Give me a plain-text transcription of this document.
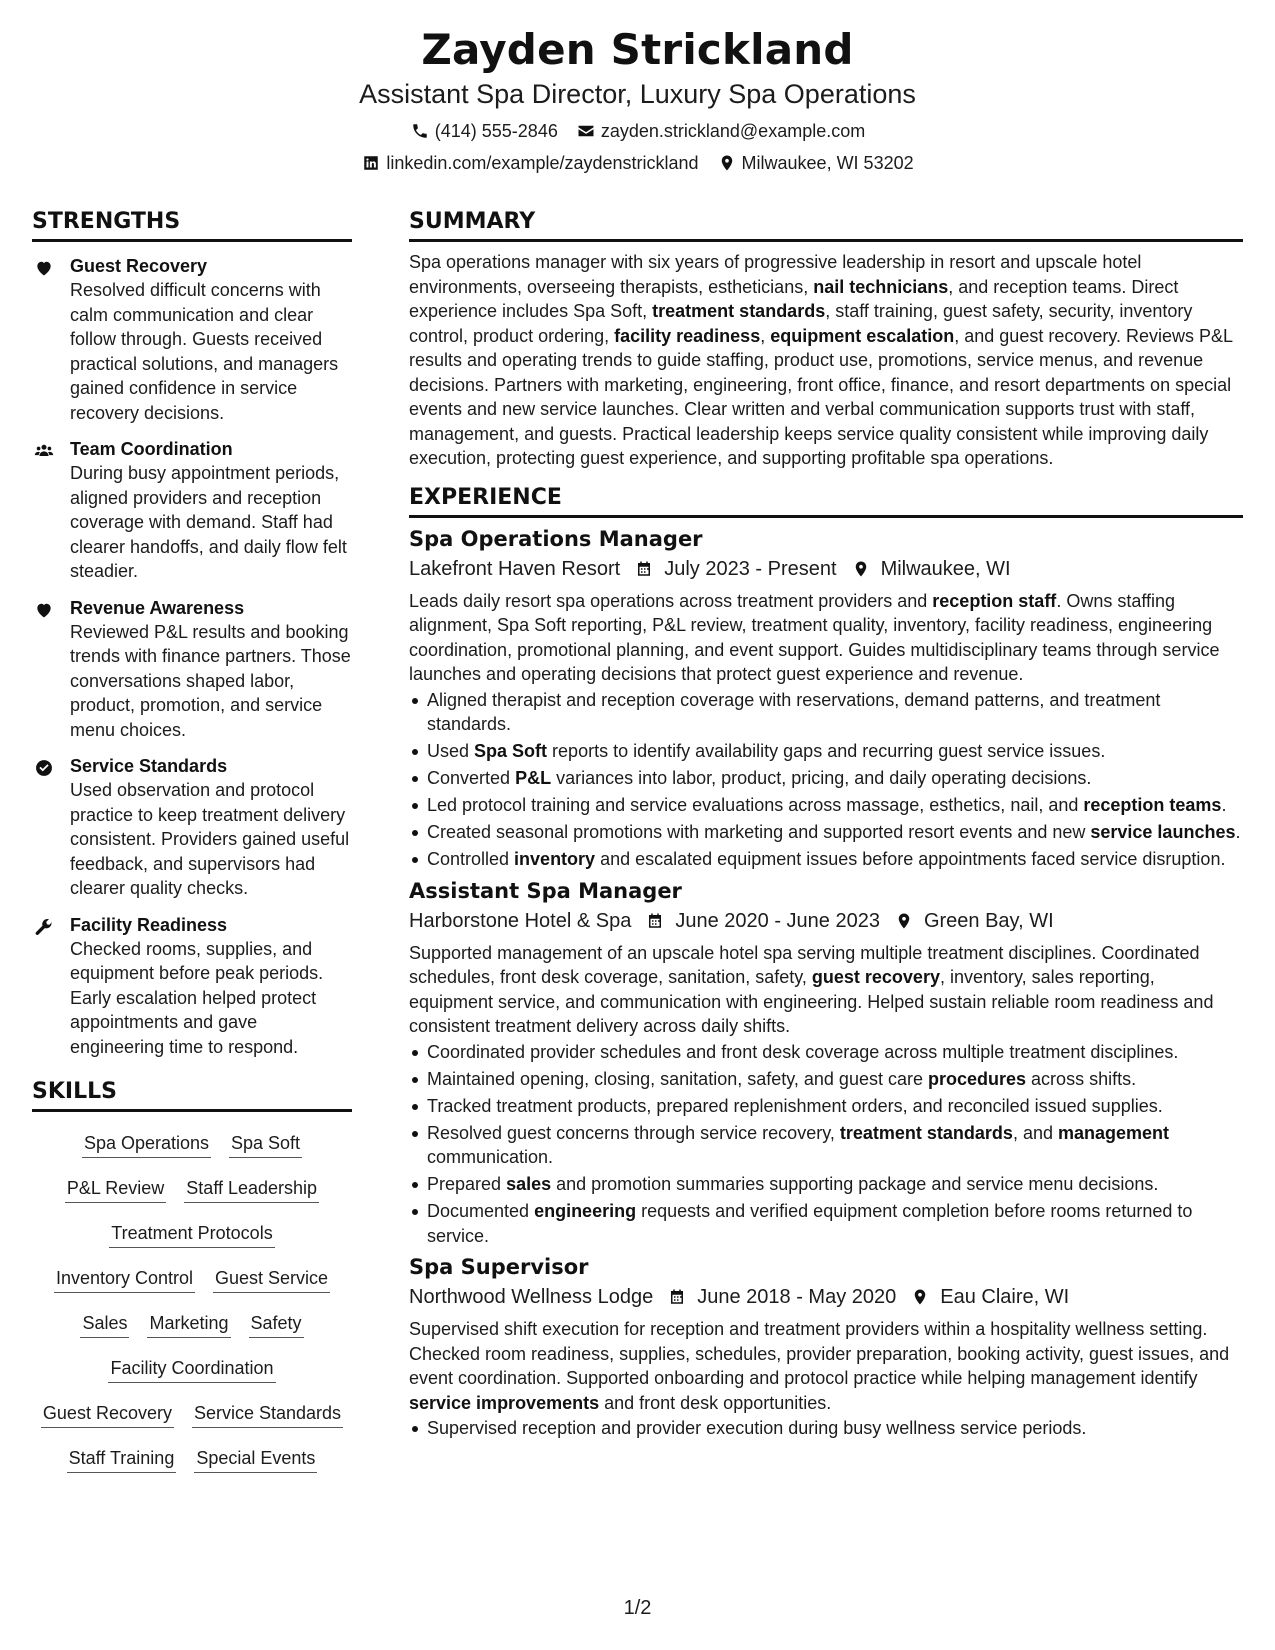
Zayden Strickland
Assistant Spa Director, Luxury Spa Operations
(414) 555-2846 zayden.strickland@example.com
linkedin.com/example/zaydenstrickland Milwaukee, WI 53202
STRENGTHS
Guest Recovery
Resolved difficult concerns with calm communication and clear follow through. Guests received practical solutions, and managers gained confidence in service recovery decisions.
Team Coordination
During busy appointment periods, aligned providers and reception coverage with demand. Staff had clearer handoffs, and daily flow felt steadier.
Revenue Awareness
Reviewed P&L results and booking trends with finance partners. Those conversations shaped labor, product, promotion, and service menu choices.
Service Standards
Used observation and protocol practice to keep treatment delivery consistent. Providers gained useful feedback, and supervisors had clearer quality checks.
Facility Readiness
Checked rooms, supplies, and equipment before peak periods. Early escalation helped protect appointments and gave engineering time to respond.
SKILLS
Spa Operations Spa Soft
P&L Review Staff Leadership
Treatment Protocols
Inventory Control Guest Service
Sales Marketing Safety
Facility Coordination
Guest Recovery Service Standards
Staff Training Special Events
SUMMARY
Spa operations manager with six years of progressive leadership in resort and upscale hotel environments, overseeing therapists, estheticians, nail technicians, and reception teams. Direct experience includes Spa Soft, treatment standards, staff training, guest safety, security, inventory control, product ordering, facility readiness, equipment escalation, and guest recovery. Reviews P&L results and operating trends to guide staffing, product use, promotions, service menus, and revenue decisions. Partners with marketing, engineering, front office, finance, and resort departments on special events and new service launches. Clear written and verbal communication supports trust with staff, management, and guests. Practical leadership keeps service quality consistent while improving daily execution, protecting guest experience, and supporting profitable spa operations.
EXPERIENCE
Spa Operations Manager
Lakefront Haven Resort July 2023 - Present Milwaukee, WI
Leads daily resort spa operations across treatment providers and reception staff. Owns staffing alignment, Spa Soft reporting, P&L review, treatment quality, inventory, facility readiness, engineering coordination, promotional planning, and event support. Guides multidisciplinary teams through service launches and operating decisions that protect guest experience and revenue.
Aligned therapist and reception coverage with reservations, demand patterns, and treatment standards.
Used Spa Soft reports to identify availability gaps and recurring guest service issues.
Converted P&L variances into labor, product, pricing, and daily operating decisions.
Led protocol training and service evaluations across massage, esthetics, nail, and reception teams.
Created seasonal promotions with marketing and supported resort events and new service launches.
Controlled inventory and escalated equipment issues before appointments faced service disruption.
Assistant Spa Manager
Harborstone Hotel & Spa June 2020 - June 2023 Green Bay, WI
Supported management of an upscale hotel spa serving multiple treatment disciplines. Coordinated schedules, front desk coverage, sanitation, safety, guest recovery, inventory, sales reporting, equipment service, and communication with engineering. Helped sustain reliable room readiness and consistent treatment delivery across daily shifts.
Coordinated provider schedules and front desk coverage across multiple treatment disciplines.
Maintained opening, closing, sanitation, safety, and guest care procedures across shifts.
Tracked treatment products, prepared replenishment orders, and reconciled issued supplies.
Resolved guest concerns through service recovery, treatment standards, and management communication.
Prepared sales and promotion summaries supporting package and service menu decisions.
Documented engineering requests and verified equipment completion before rooms returned to service.
Spa Supervisor
Northwood Wellness Lodge June 2018 - May 2020 Eau Claire, WI
Supervised shift execution for reception and treatment providers within a hospitality wellness setting. Checked room readiness, supplies, schedules, provider preparation, booking activity, guest issues, and event coordination. Supported onboarding and protocol practice while helping management identify service improvements and front desk opportunities.
Supervised reception and provider execution during busy wellness service periods.
1/2
